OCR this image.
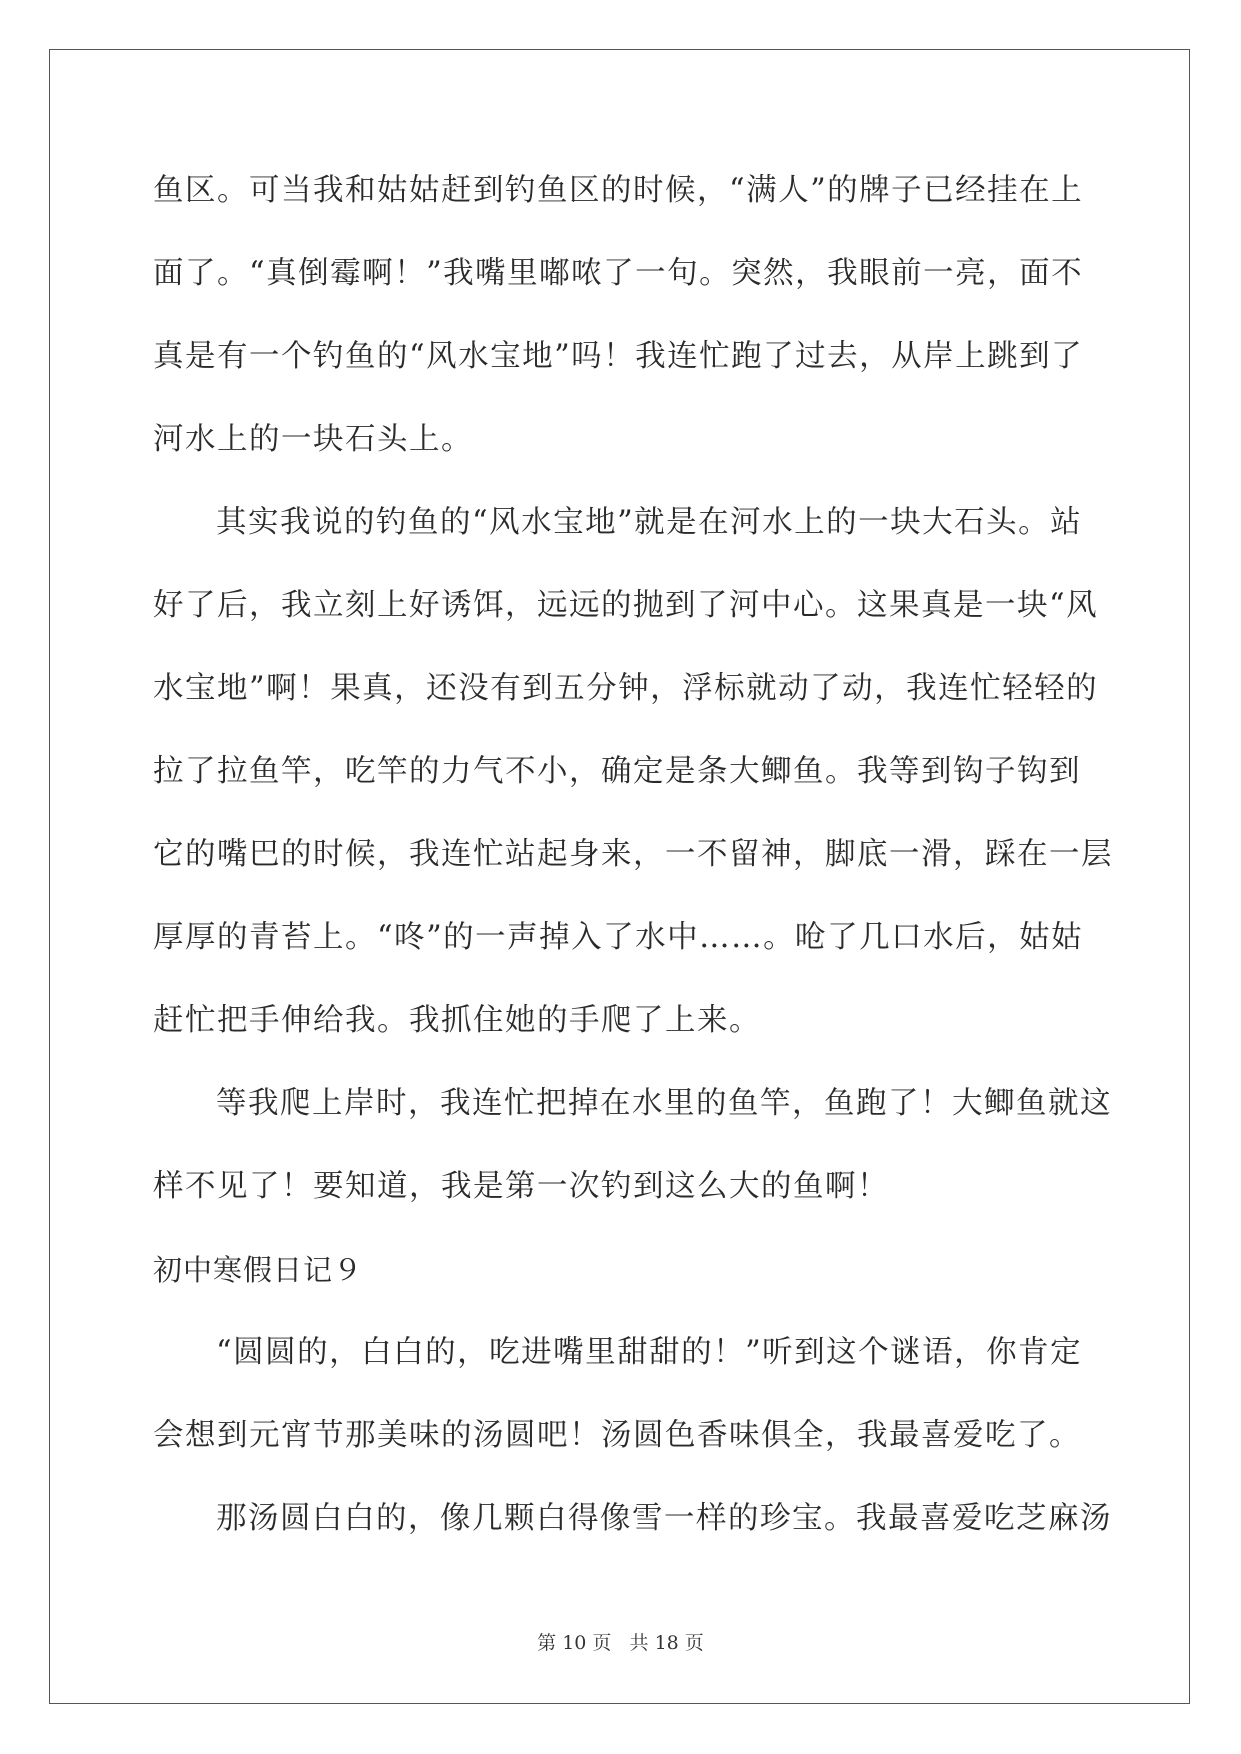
鱼区。可当我和姑姑赶到钓鱼区的时候，“满人”的牌子已经挂在上
面了。“真倒霉啊！”我嘴里嘟哝了一句。突然，我眼前一亮，面不
真是有一个钓鱼的“风水宝地”吗！我连忙跑了过去，从岸上跳到了
河水上的一块石头上。
其实我说的钓鱼的“风水宝地”就是在河水上的一块大石头。站
好了后，我立刻上好诱饵，远远的抛到了河中心。这果真是一块“风
水宝地”啊！果真，还没有到五分钟，浮标就动了动，我连忙轻轻的
拉了拉鱼竿，吃竿的力气不小，确定是条大鲫鱼。我等到钩子钩到
它的嘴巴的时候，我连忙站起身来，一不留神，脚底一滑，踩在一层
厚厚的青苔上。“咚”的一声掉入了水中……。呛了几口水后，姑姑
赶忙把手伸给我。我抓住她的手爬了上来。
等我爬上岸时，我连忙把掉在水里的鱼竿，鱼跑了！大鲫鱼就这
样不见了！要知道，我是第一次钓到这么大的鱼啊！
初中寒假日记９
“圆圆的，白白的，吃进嘴里甜甜的！”听到这个谜语，你肯定
会想到元宵节那美味的汤圆吧！汤圆色香味俱全，我最喜爱吃了。
那汤圆白白的，像几颗白得像雪一样的珍宝。我最喜爱吃芝麻汤
第 10 页   共 18 页
